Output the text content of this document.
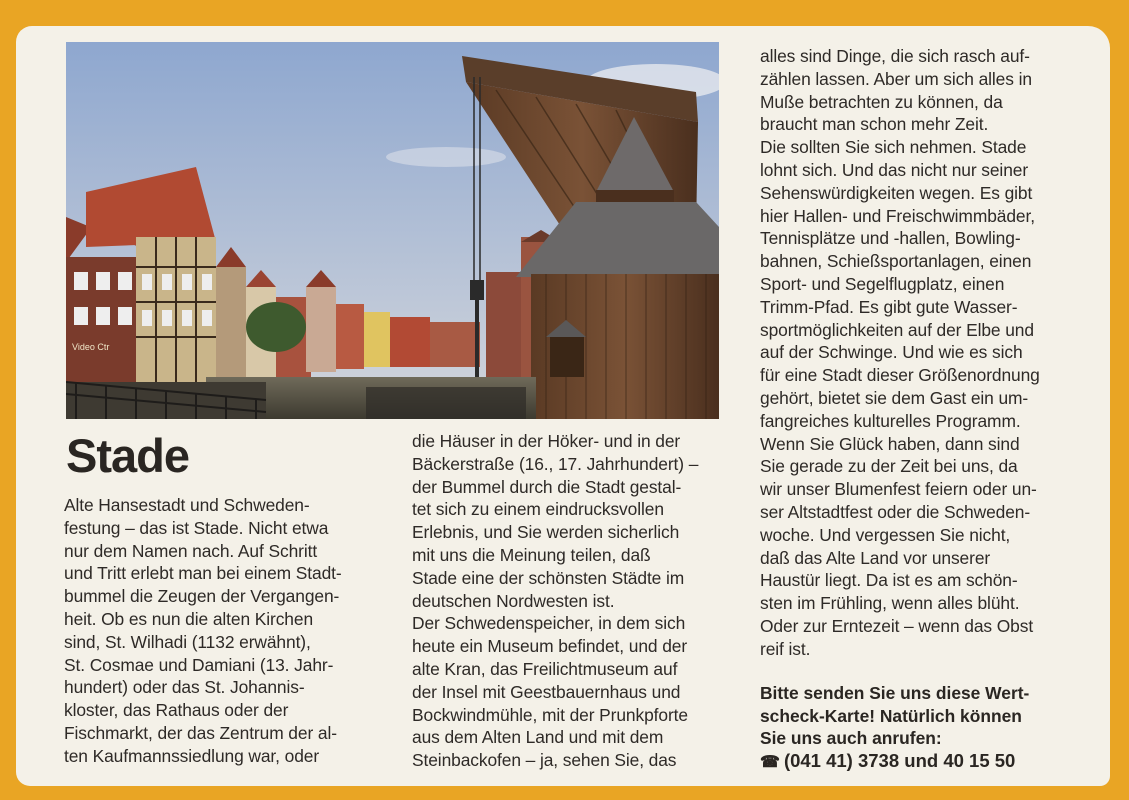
Video Ctr
Stade
Alte Hansestadt und Schweden-
festung – das ist Stade. Nicht etwa
nur dem Namen nach. Auf Schritt
und Tritt erlebt man bei einem Stadt-
bummel die Zeugen der Vergangen-
heit. Ob es nun die alten Kirchen
sind, St. Wilhadi (1132 erwähnt),
St. Cosmae und Damiani (13. Jahr-
hundert) oder das St. Johannis-
kloster, das Rathaus oder der
Fischmarkt, der das Zentrum der al-
ten Kaufmannssiedlung war, oder
die Häuser in der Höker- und in der
Bäckerstraße (16., 17. Jahrhundert) –
der Bummel durch die Stadt gestal-
tet sich zu einem eindrucksvollen
Erlebnis, und Sie werden sicherlich
mit uns die Meinung teilen, daß
Stade eine der schönsten Städte im
deutschen Nordwesten ist.
Der Schwedenspeicher, in dem sich
heute ein Museum befindet, und der
alte Kran, das Freilichtmuseum auf
der Insel mit Geestbauernhaus und
Bockwindmühle, mit der Prunkpforte
aus dem Alten Land und mit dem
Steinbackofen – ja, sehen Sie, das
alles sind Dinge, die sich rasch auf-
zählen lassen. Aber um sich alles in
Muße betrachten zu können, da
braucht man schon mehr Zeit.
Die sollten Sie sich nehmen. Stade
lohnt sich. Und das nicht nur seiner
Sehenswürdigkeiten wegen. Es gibt
hier Hallen- und Freischwimmbäder,
Tennisplätze und -hallen, Bowling-
bahnen, Schießsportanlagen, einen
Sport- und Segelflugplatz, einen
Trimm-Pfad. Es gibt gute Wasser-
sportmöglichkeiten auf der Elbe und
auf der Schwinge. Und wie es sich
für eine Stadt dieser Größenordnung
gehört, bietet sie dem Gast ein um-
fangreiches kulturelles Programm.
Wenn Sie Glück haben, dann sind
Sie gerade zu der Zeit bei uns, da
wir unser Blumenfest feiern oder un-
ser Altstadtfest oder die Schweden-
woche. Und vergessen Sie nicht,
daß das Alte Land vor unserer
Haustür liegt. Da ist es am schön-
sten im Frühling, wenn alles blüht.
Oder zur Erntezeit – wenn das Obst
reif ist.
Bitte senden Sie uns diese Wert-
scheck-Karte! Natürlich können
Sie uns auch anrufen:
☎ (041 41) 3738 und 40 15 50
